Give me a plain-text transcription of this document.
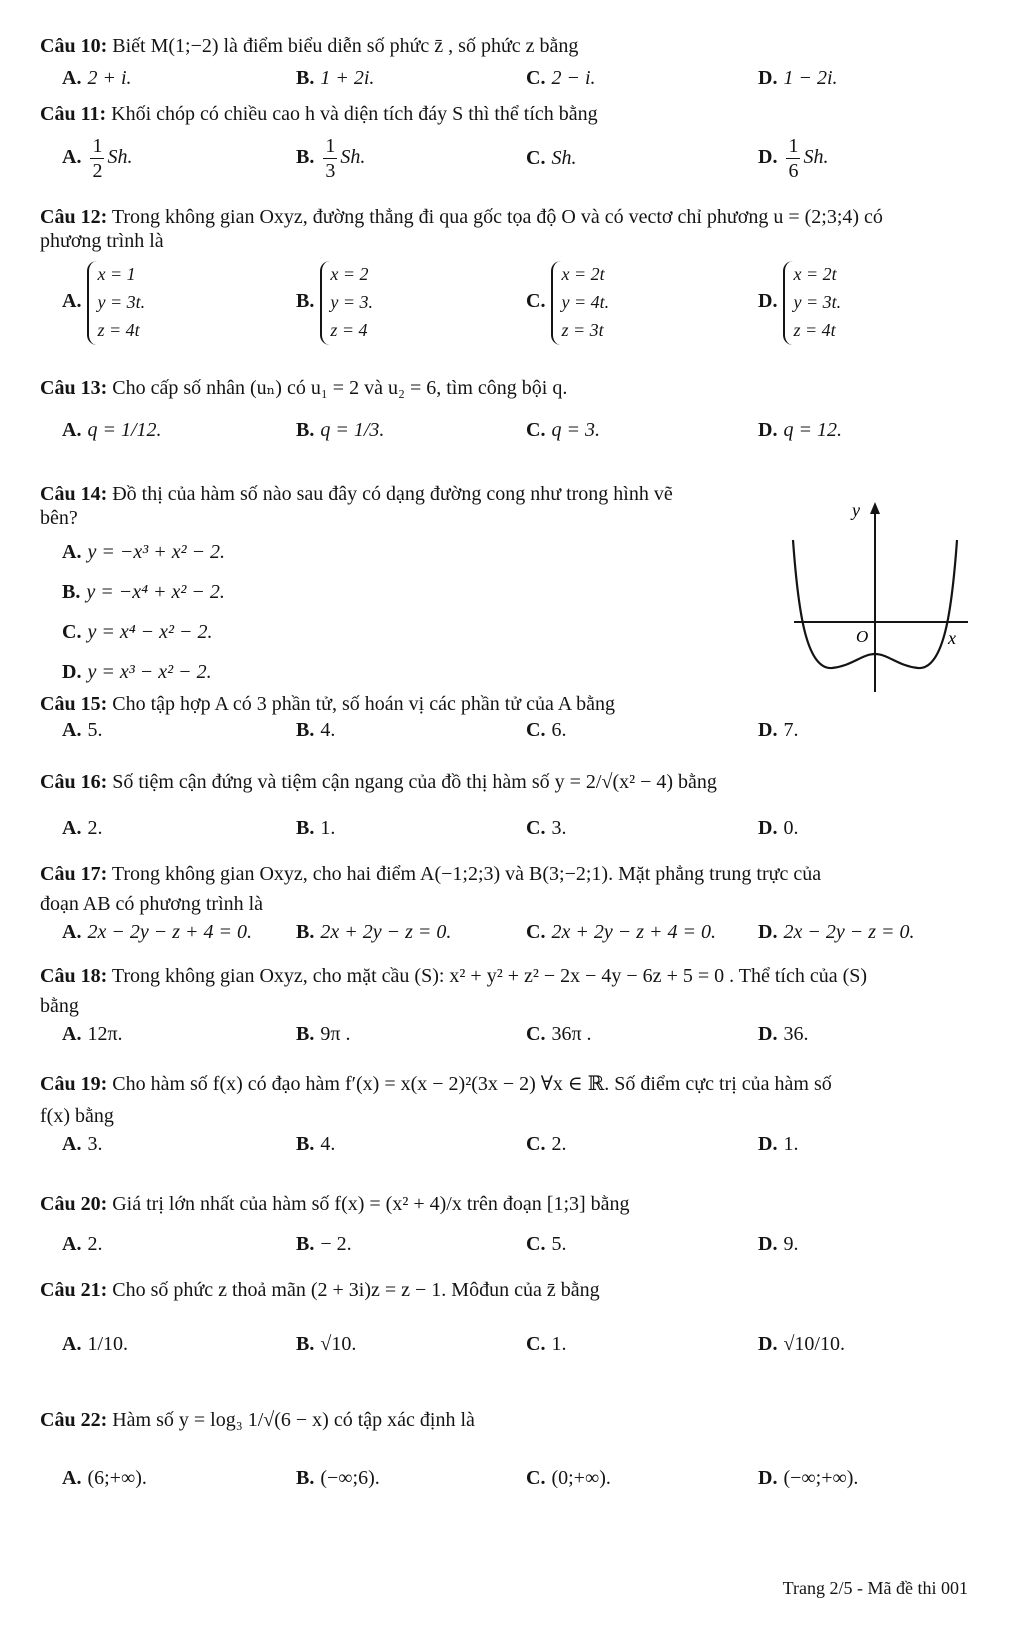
Câu 10: Biết M(1;−2) là điểm biểu diễn số phức z̄ , số phức z bằng
A. 2 + i.	B. 1 + 2i.	C. 2 − i.	D. 1 − 2i.
Câu 11: Khối chóp có chiều cao h và diện tích đáy S thì thể tích bằng
A. $\frac{1}{2} Sh$.	B. $\frac{1}{3} Sh$.	C. Sh.	D. $\frac{1}{6} Sh$.
Câu 12: Trong không gian Oxyz, đường thẳng đi qua gốc tọa độ O và có vectơ chỉ phương u = (2;3;4) có
phương trình là
A.x = 1
y = 3t.
z = 4t
B.x = 2
y = 3.
z = 4
C.x = 2t
y = 4t.
z = 3t
D.x = 2t
y = 3t.
z = 4t
Câu 13: Cho cấp số nhân (uₙ) có u₁ = 2 và u₂ = 6, tìm công bội q.
A. q = 1/12.	B. q = 1/3.	C. q = 3.	D. q = 12.
Câu 14: Đồ thị của hàm số nào sau đây có dạng đường cong như trong hình vẽ
bên?
A. y = −x³ + x² − 2.
B. y = −x⁴ + x² − 2.
C. y = x⁴ − x² − 2.
D. y = x³ − x² − 2.
y
O	x
Câu 15: Cho tập hợp A có 3 phần tử, số hoán vị các phần tử của A bằng
A. 5.	B. 4.	C. 6.	D. 7.
Câu 16: Số tiệm cận đứng và tiệm cận ngang của đồ thị hàm số y = 2/√(x² − 4) bằng
A. 2.	B. 1.	C. 3.	D. 0.
Câu 17: Trong không gian Oxyz, cho hai điểm A(−1;2;3) và B(3;−2;1). Mặt phẳng trung trực của
đoạn AB có phương trình là
A. 2x − 2y − z + 4 = 0. B. 2x + 2y − z = 0.	C. 2x + 2y − z + 4 = 0. D. 2x − 2y − z = 0.
Câu 18: Trong không gian Oxyz, cho mặt cầu (S): x² + y² + z² − 2x − 4y − 6z + 5 = 0 . Thể tích của (S)
bằng
A. 12π.	B. 9π .	C. 36π .	D. 36.
Câu 19: Cho hàm số f(x) có đạo hàm f′(x) = x(x − 2)²(3x − 2) ∀x ∈ ℝ. Số điểm cực trị của hàm số
f(x) bằng
A. 3.	B. 4.	C. 2.	D. 1.
Câu 20: Giá trị lớn nhất của hàm số f(x) = (x² + 4)/x trên đoạn [1;3] bằng
A. 2.	B. − 2.	C. 5.	D. 9.
Câu 21: Cho số phức z thoả mãn (2 + 3i)z = z − 1. Môđun của z̄ bằng
A. 1/10.	B. √10.	C. 1.	D. √10/10.
Câu 22: Hàm số y = log₃ 1/√(6 − x) có tập xác định là
A. (6;+∞).	B. (−∞;6).	C. (0;+∞).	D. (−∞;+∞).
Trang 2/5 - Mã đề thi 001
